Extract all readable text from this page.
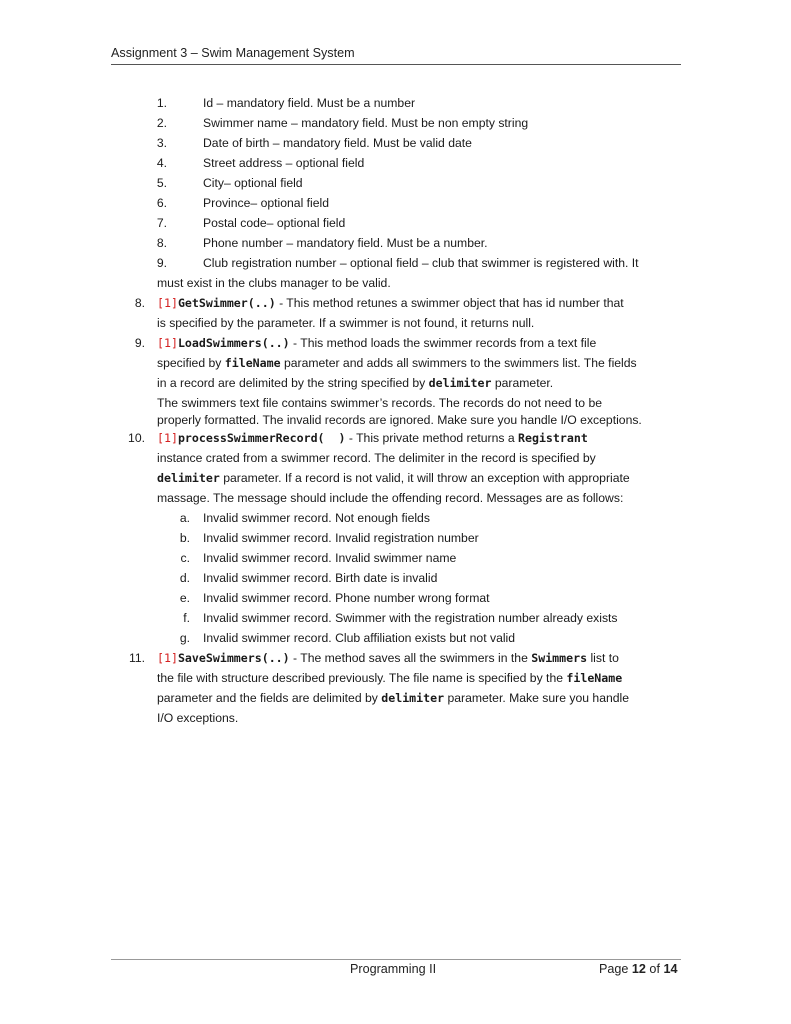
Assignment 3 – Swim Management System
1.	Id – mandatory field. Must be a number
2.	Swimmer name – mandatory field. Must be non empty string
3.	Date of birth – mandatory field. Must be valid date
4.	Street address – optional field
5.	City– optional field
6.	Province– optional field
7.	Postal code– optional field
8.	Phone number – mandatory field. Must be a number.
9.	Club registration number – optional field – club that swimmer is registered with. It
must exist in the clubs manager to be valid.
8. [1]GetSwimmer(..) - This method retunes a swimmer object that has id number that
is specified by the parameter. If a swimmer is not found, it returns null.
9. [1]LoadSwimmers(..) - This method loads the swimmer records from a text file
specified by fileName parameter and adds all swimmers to the swimmers list. The fields
in a record are delimited by the string specified by delimiter parameter.
The swimmers text file contains swimmer’s records. The records do not need to be
properly formatted. The invalid records are ignored. Make sure you handle I/O exceptions.
10. [1]processSwimmerRecord(  ) - This private method returns a Registrant
instance crated from a swimmer record. The delimiter in the record is specified by
delimiter parameter. If a record is not valid, it will throw an exception with appropriate
massage. The message should include the offending record. Messages are as follows:
a. Invalid swimmer record. Not enough fields
b. Invalid swimmer record. Invalid registration number
c. Invalid swimmer record. Invalid swimmer name
d. Invalid swimmer record. Birth date is invalid
e. Invalid swimmer record. Phone number wrong format
f. Invalid swimmer record. Swimmer with the registration number already exists
g. Invalid swimmer record. Club affiliation exists but not valid
11. [1]SaveSwimmers(..) - The method saves all the swimmers in the Swimmers list to
the file with structure described previously. The file name is specified by the fileName
parameter and the fields are delimited by delimiter parameter. Make sure you handle
I/O exceptions.
Programming II	Page 12 of 14
